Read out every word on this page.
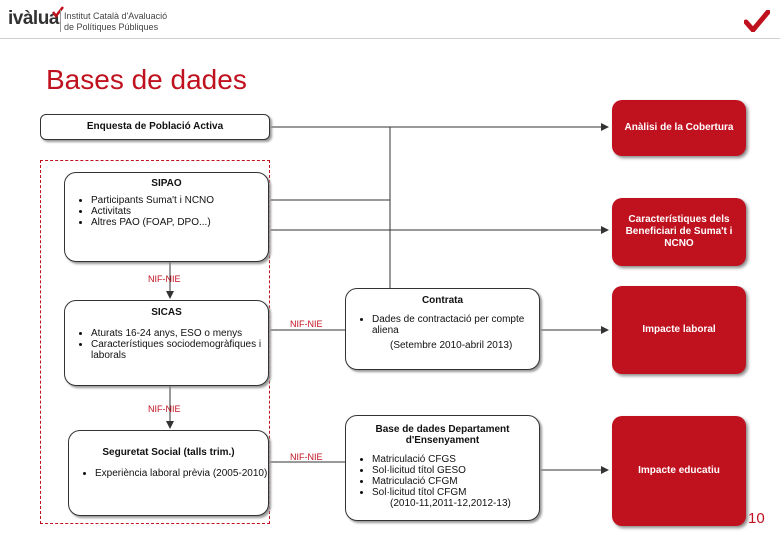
ivàlua Institut Català d'Avaluació
de Polítiques Públiques
Bases de dades
Enquesta de Població Activa
SIPAO
• Participants Suma't i NCNO
• Activitats
• Altres PAO (FOAP, DPO...)
NIF-NIE
SICAS
• Aturats 16-24 anys, ESO o menys
• Característiques sociodemogràfiques i laborals
NIF-NIE
Seguretat Social (talls trim.)
• Experiència laboral prèvia (2005-2010)
NIF-NIE
NIF-NIE
Contrata
• Dades de contractació per compte aliena
(Setembre 2010-abril 2013)
Base de dades Departament d'Ensenyament
• Matriculació CFGS
• Sol·licitud títol GESO
• Matriculació CFGM
• Sol·licitud títol CFGM
(2010-11,2011-12,2012-13)
Anàlisi de la Cobertura
Característiques dels Beneficiari de Suma't i NCNO
Impacte laboral
Impacte educatiu
10
